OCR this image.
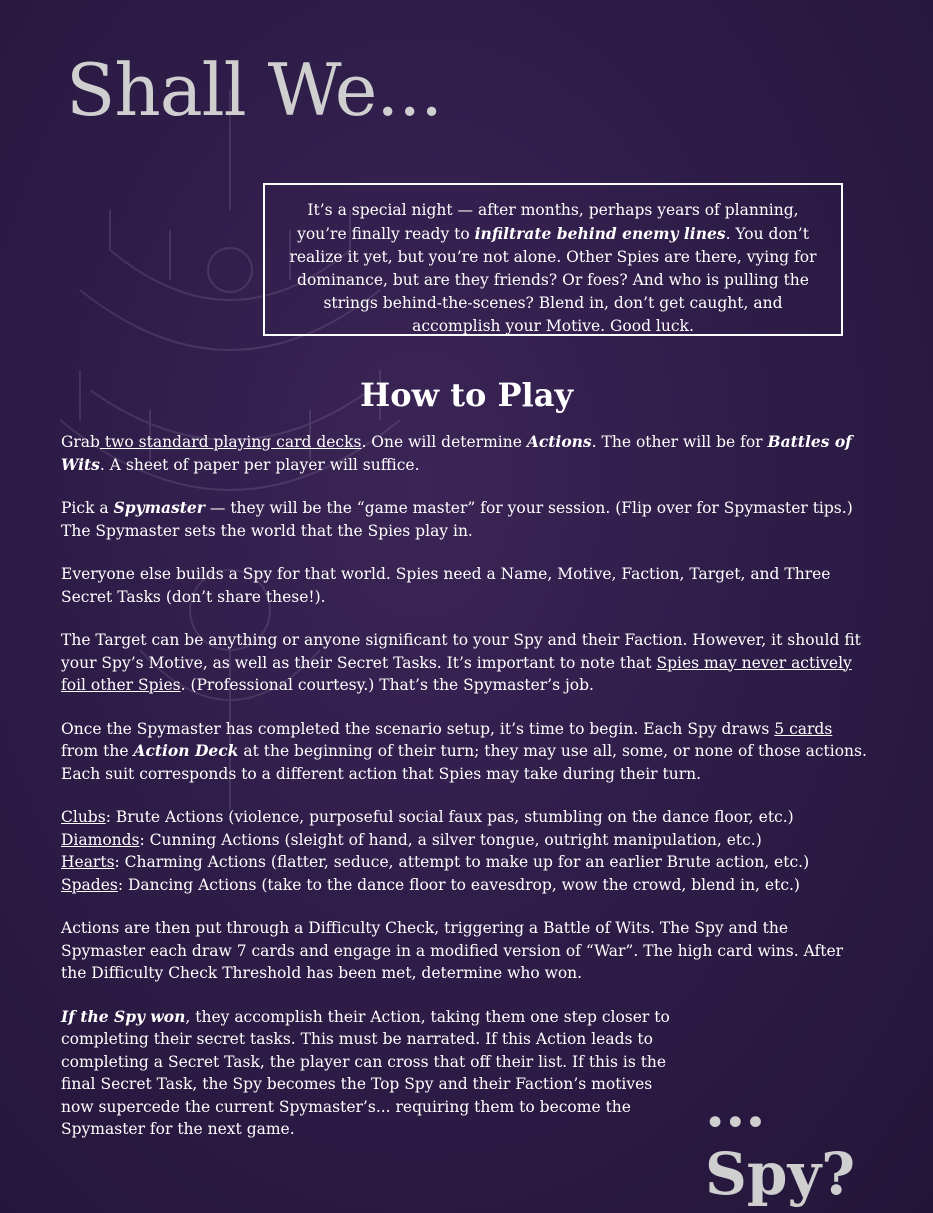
Shall We...
It’s a special night — after months, perhaps years of planning, you’re finally ready to infiltrate behind enemy lines. You don’t realize it yet, but you’re not alone. Other Spies are there, vying for dominance, but are they friends? Or foes? And who is pulling the strings behind-the-scenes? Blend in, don’t get caught, and accomplish your Motive. Good luck.
How to Play

Grab two standard playing card decks. One will determine Actions. The other will be for Battles of Wits. A sheet of paper per player will suffice.

Pick a Spymaster — they will be the “game master” for your session. (Flip over for Spymaster tips.) The Spymaster sets the world that the Spies play in.

Everyone else builds a Spy for that world. Spies need a Name, Motive, Faction, Target, and Three Secret Tasks (don’t share these!).

The Target can be anything or anyone significant to your Spy and their Faction. However, it should fit your Spy’s Motive, as well as their Secret Tasks. It’s important to note that Spies may never actively foil other Spies. (Professional courtesy.) That’s the Spymaster’s job.

Once the Spymaster has completed the scenario setup, it’s time to begin. Each Spy draws 5 cards from the Action Deck at the beginning of their turn; they may use all, some, or none of those actions. Each suit corresponds to a different action that Spies may take during their turn.

Clubs: Brute Actions (violence, purposeful social faux pas, stumbling on the dance floor, etc.)
Diamonds: Cunning Actions (sleight of hand, a silver tongue, outright manipulation, etc.)
Hearts: Charming Actions (flatter, seduce, attempt to make up for an earlier Brute action, etc.)
Spades: Dancing Actions (take to the dance floor to eavesdrop, wow the crowd, blend in, etc.)

Actions are then put through a Difficulty Check, triggering a Battle of Wits. The Spy and the Spymaster each draw 7 cards and engage in a modified version of “War”. The high card wins. After the Difficulty Check Threshold has been met, determine who won.

If the Spy won, they accomplish their Action, taking them one step closer to completing their secret tasks. This must be narrated. If this Action leads to completing a Secret Task, the player can cross that off their list. If this is the final Secret Task, the Spy becomes the Top Spy and their Faction’s motives now supercede the current Spymaster’s... requiring them to become the Spymaster for the next game.	... Spy?
